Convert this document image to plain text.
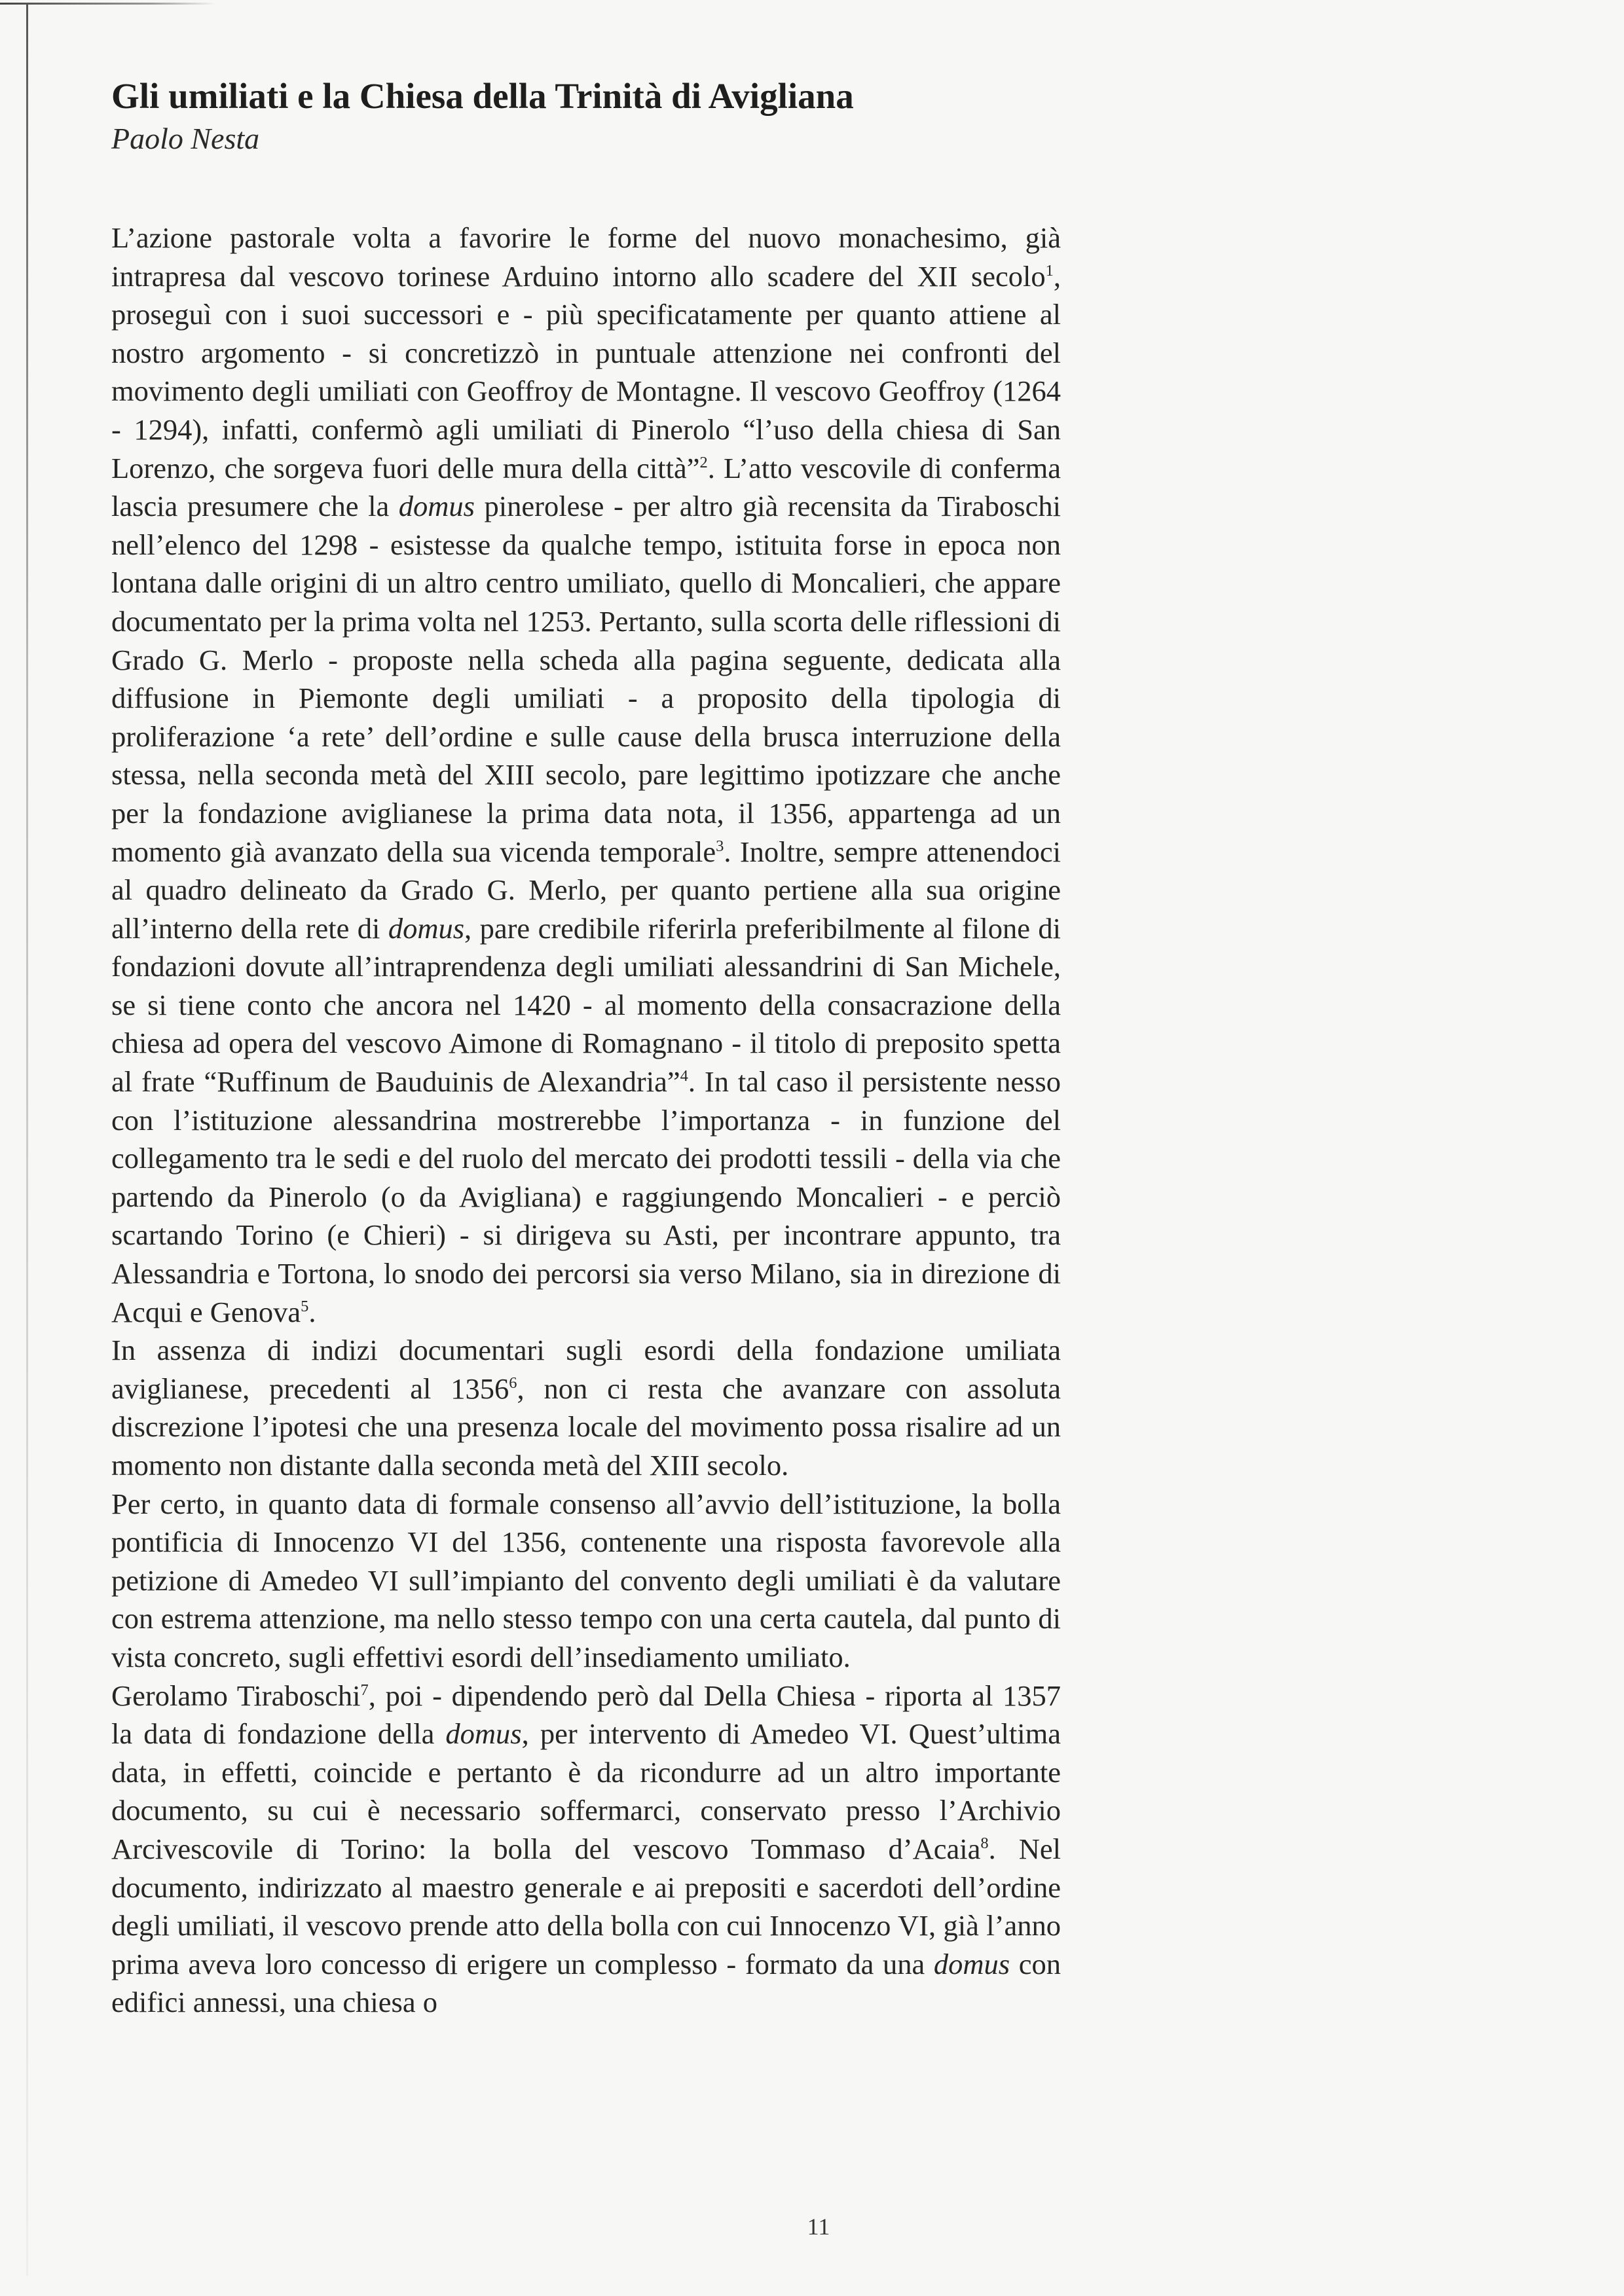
Gli umiliati e la Chiesa della Trinità di Avigliana

Paolo Nesta

L’azione pastorale volta a favorire le forme del nuovo monachesimo, già intrapresa dal vescovo torinese Arduino intorno allo scadere del XII secolo$^1$, proseguì con i suoi successori e - più specificatamente per quanto attiene al nostro argomento - si concretizzò in puntuale attenzione nei confronti del movimento degli umiliati con Geoffroy de Montagne. Il vescovo Geoffroy (1264 - 1294), infatti, confermò agli umiliati di Pinerolo “l’uso della chiesa di San Lorenzo, che sorgeva fuori delle mura della città”$^2$. L’atto vescovile di conferma lascia presumere che la domus pinerolese - per altro già recensita da Tiraboschi nell’elenco del 1298 - esistesse da qualche tempo, istituita forse in epoca non lontana dalle origini di un altro centro umiliato, quello di Moncalieri, che appare documentato per la prima volta nel 1253. Pertanto, sulla scorta delle riflessioni di Grado G. Merlo - proposte nella scheda alla pagina seguente, dedicata alla diffusione in Piemonte degli umiliati - a proposito della tipologia di proliferazione ‘a rete’ dell’ordine e sulle cause della brusca interruzione della stessa, nella seconda metà del XIII secolo, pare legittimo ipotizzare che anche per la fondazione aviglianese la prima data nota, il 1356, appartenga ad un momento già avanzato della sua vicenda temporale$^3$. Inoltre, sempre attenendoci al quadro delineato da Grado G. Merlo, per quanto pertiene alla sua origine all’interno della rete di domus, pare credibile riferirla preferibilmente al filone di fondazioni dovute all’intraprendenza degli umiliati alessandrini di San Michele, se si tiene conto che ancora nel 1420 - al momento della consacrazione della chiesa ad opera del vescovo Aimone di Romagnano - il titolo di preposito spetta al frate “Ruffinum de Bauduinis de Alexandria”$^4$. In tal caso il persistente nesso con l’istituzione alessandrina mostrerebbe l’importanza - in funzione del collegamento tra le sedi e del ruolo del mercato dei prodotti tessili - della via che partendo da Pinerolo (o da Avigliana) e raggiungendo Moncalieri - e perciò scartando Torino (e Chieri) - si dirigeva su Asti, per incontrare appunto, tra Alessandria e Tortona, lo snodo dei percorsi sia verso Milano, sia in direzione di Acqui e Genova$^5$.

In assenza di indizi documentari sugli esordi della fondazione umiliata aviglianese, precedenti al 1356$^6$, non ci resta che avanzare con assoluta discrezione l’ipotesi che una presenza locale del movimento possa risalire ad un momento non distante dalla seconda metà del XIII secolo.

Per certo, in quanto data di formale consenso all’avvio dell’istituzione, la bolla pontificia di Innocenzo VI del 1356, contenente una risposta favorevole alla petizione di Amedeo VI sull’impianto del convento degli umiliati è da valutare con estrema attenzione, ma nello stesso tempo con una certa cautela, dal punto di vista concreto, sugli effettivi esordi dell’insediamento umiliato.

Gerolamo Tiraboschi$^7$, poi - dipendendo però dal Della Chiesa - riporta al 1357 la data di fondazione della domus, per intervento di Amedeo VI. Quest’ultima data, in effetti, coincide e pertanto è da ricondurre ad un altro importante documento, su cui è necessario soffermarci, conservato presso l’Archivio Arcivescovile di Torino: la bolla del vescovo Tommaso d’Acaia$^8$. Nel documento, indirizzato al maestro generale e ai prepositi e sacerdoti dell’ordine degli umiliati, il vescovo prende atto della bolla con cui Innocenzo VI, già l’anno prima aveva loro concesso di erigere un complesso - formato da una domus con edifici annessi, una chiesa o

11
